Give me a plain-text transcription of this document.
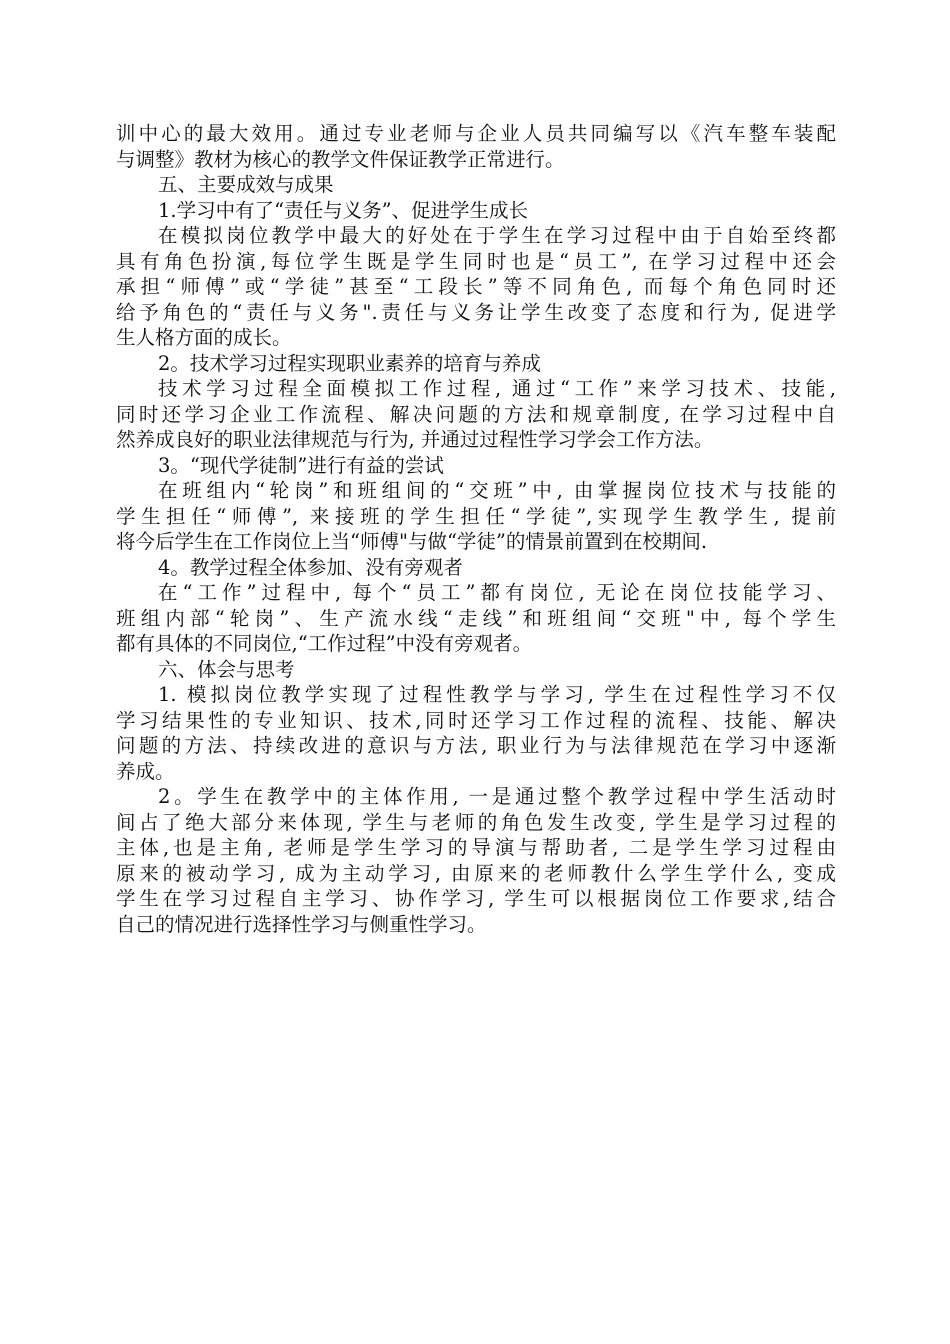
训中心的最大效用。通过专业老师与企业人员共同编写以《汽车整车装配
与调整》教材为核心的教学文件保证教学正常进行。
五、主要成效与成果
1.学习中有了“责任与义务”、促进学生成长
在模拟岗位教学中最大的好处在于学生在学习过程中由于自始至终都
具有角色扮演,每位学生既是学生同时也是“员工”, 在学习过程中还会
承担“师傅”或“学徒”甚至“工段长”等不同角色, 而每个角色同时还
给予角色的“责任与义务".责任与义务让学生改变了态度和行为, 促进学
生人格方面的成长。
2。技术学习过程实现职业素养的培育与养成
技术学习过程全面模拟工作过程, 通过“工作”来学习技术、技能,
同时还学习企业工作流程、解决问题的方法和规章制度, 在学习过程中自
然养成良好的职业法律规范与行为, 并通过过程性学习学会工作方法。
3。“现代学徒制”进行有益的尝试
在班组内“轮岗”和班组间的“交班”中, 由掌握岗位技术与技能的
学生担任“师傅”, 来接班的学生担任“学徒”,实现学生教学生, 提前
将今后学生在工作岗位上当“师傅"与做“学徒”的情景前置到在校期间.
4。教学过程全体参加、没有旁观者
在“工作”过程中, 每个“员工”都有岗位, 无论在岗位技能学习、
班组内部“轮岗”、生产流水线“走线”和班组间“交班"中, 每个学生
都有具体的不同岗位,“工作过程”中没有旁观者。
六、体会与思考
1. 模拟岗位教学实现了过程性教学与学习, 学生在过程性学习不仅
学习结果性的专业知识、技术,同时还学习工作过程的流程、技能、解决
问题的方法、持续改进的意识与方法, 职业行为与法律规范在学习中逐渐
养成。
2。学生在教学中的主体作用, 一是通过整个教学过程中学生活动时
间占了绝大部分来体现, 学生与老师的角色发生改变, 学生是学习过程的
主体,也是主角, 老师是学生学习的导演与帮助者, 二是学生学习过程由
原来的被动学习, 成为主动学习, 由原来的老师教什么学生学什么, 变成
学生在学习过程自主学习、协作学习, 学生可以根据岗位工作要求,结合
自己的情况进行选择性学习与侧重性学习。
